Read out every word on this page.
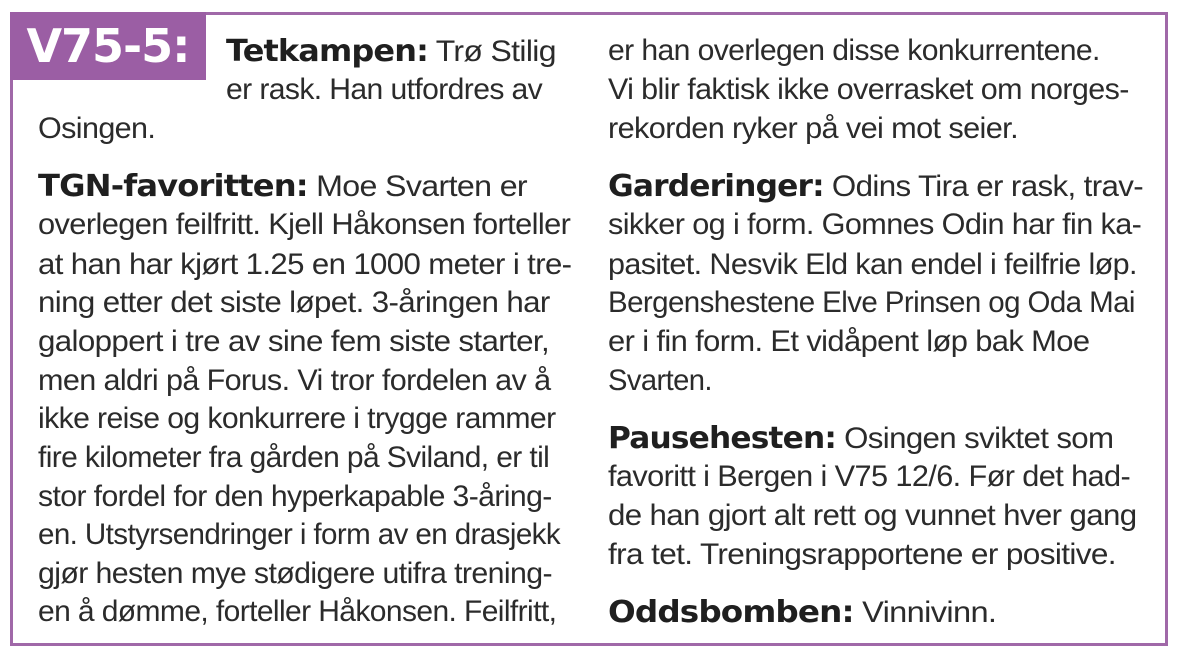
V75-5:	Tetkampen: Trø Stilig
er rask. Han utfordres av
Osingen.
TGN-favoritten: Moe Svarten er
overlegen feilfritt. Kjell Håkonsen forteller
at han har kjørt 1.25 en 1000 meter i tre-
ning etter det siste løpet. 3-åringen har
galoppert i tre av sine fem siste starter,
men aldri på Forus. Vi tror fordelen av å
ikke reise og konkurrere i trygge rammer
fire kilometer fra gården på Sviland, er til
stor fordel for den hyperkapable 3-åring-
en. Utstyrsendringer i form av en drasjekk
gjør hesten mye stødigere utifra trening-
en å dømme, forteller Håkonsen. Feilfritt,
er han overlegen disse konkurrentene.
Vi blir faktisk ikke overrasket om norges-
rekorden ryker på vei mot seier.
Garderinger: Odins Tira er rask, trav-
sikker og i form. Gomnes Odin har fin ka-
pasitet. Nesvik Eld kan endel i feilfrie løp.
Bergenshestene Elve Prinsen og Oda Mai
er i fin form. Et vidåpent løp bak Moe
Svarten.
Pausehesten: Osingen sviktet som
favoritt i Bergen i V75 12/6. Før det had-
de han gjort alt rett og vunnet hver gang
fra tet. Treningsrapportene er positive.
Oddsbomben: Vinnivinn.
